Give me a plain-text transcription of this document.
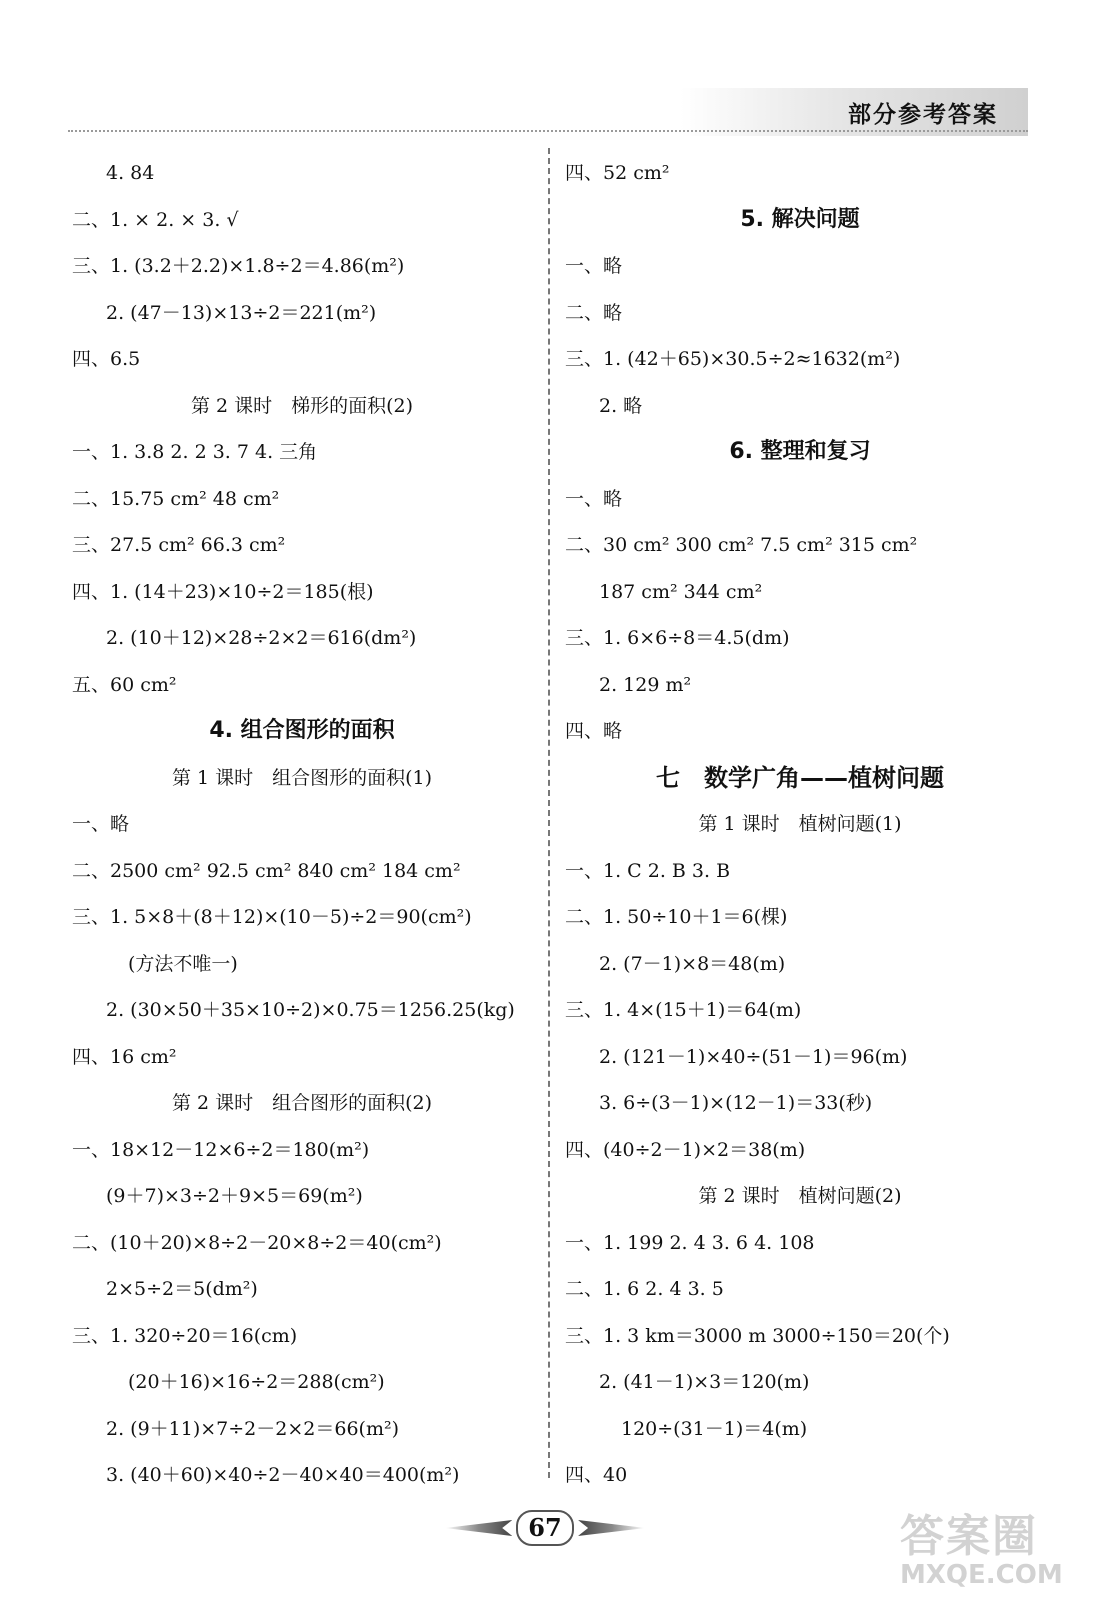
部分参考答案
4. 84
二、1. × 2. × 3. √
三、1. (3.2＋2.2)×1.8÷2＝4.86(m²)
2. (47－13)×13÷2＝221(m²)
四、6.5
第 2 课时　梯形的面积(2)
一、1. 3.8 2. 2 3. 7 4. 三角
二、15.75 cm² 48 cm²
三、27.5 cm² 66.3 cm²
四、1. (14＋23)×10÷2＝185(根)
2. (10＋12)×28÷2×2＝616(dm²)
五、60 cm²
4. 组合图形的面积
第 1 课时　组合图形的面积(1)
一、略
二、2500 cm² 92.5 cm² 840 cm² 184 cm²
三、1. 5×8＋(8＋12)×(10－5)÷2＝90(cm²)
(方法不唯一)
2. (30×50＋35×10÷2)×0.75＝1256.25(kg)
四、16 cm²
第 2 课时　组合图形的面积(2)
一、18×12－12×6÷2＝180(m²)
(9＋7)×3÷2＋9×5＝69(m²)
二、(10＋20)×8÷2－20×8÷2＝40(cm²)
2×5÷2＝5(dm²)
三、1. 320÷20＝16(cm)
(20＋16)×16÷2＝288(cm²)
2. (9＋11)×7÷2－2×2＝66(m²)
3. (40＋60)×40÷2－40×40＝400(m²)
四、52 cm²
5. 解决问题
一、略
二、略
三、1. (42＋65)×30.5÷2≈1632(m²)
2. 略
6. 整理和复习
一、略
二、30 cm² 300 cm² 7.5 cm² 315 cm²
187 cm² 344 cm²
三、1. 6×6÷8＝4.5(dm)
2. 129 m²
四、略
七　数学广角——植树问题
第 1 课时　植树问题(1)
一、1. C 2. B 3. B
二、1. 50÷10＋1＝6(棵)
2. (7－1)×8＝48(m)
三、1. 4×(15＋1)＝64(m)
2. (121－1)×40÷(51－1)＝96(m)
3. 6÷(3－1)×(12－1)＝33(秒)
四、(40÷2－1)×2＝38(m)
第 2 课时　植树问题(2)
一、1. 199 2. 4 3. 6 4. 108
二、1. 6 2. 4 3. 5
三、1. 3 km＝3000 m 3000÷150＝20(个)
2. (41－1)×3＝120(m)
120÷(31－1)＝4(m)
四、40
67	答案圈
MXQE.COM
